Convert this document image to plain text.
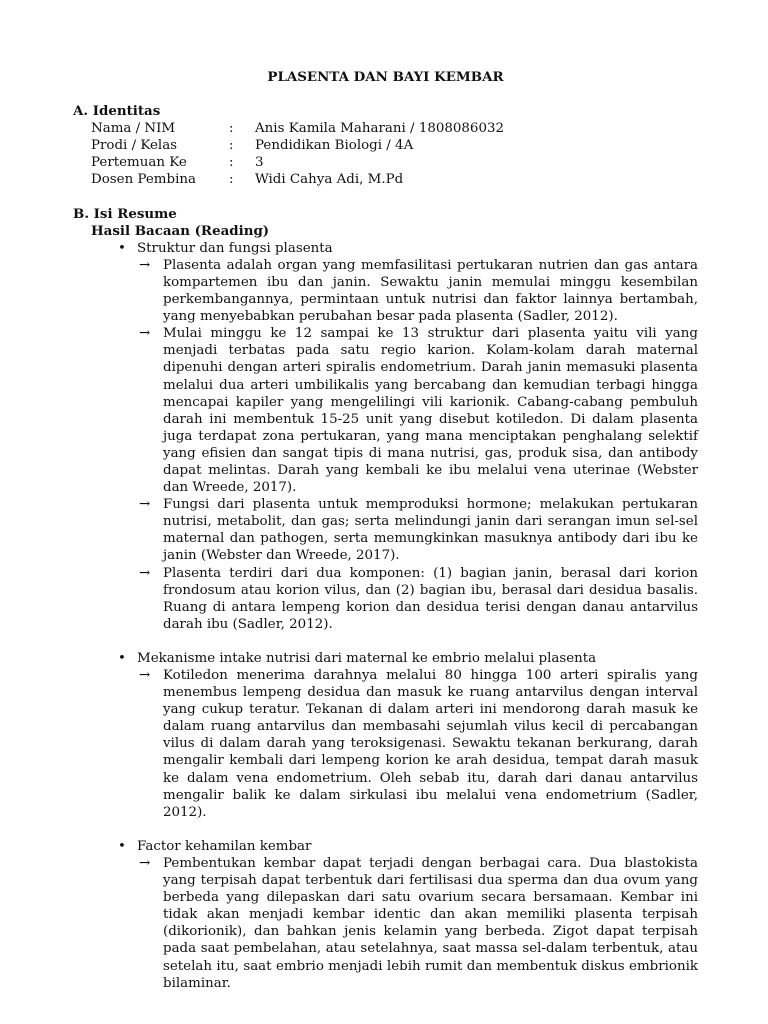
PLASENTA DAN BAYI KEMBAR
A. Identitas
Nama / NIM	:	Anis Kamila Maharani / 1808086032
Prodi / Kelas	:	Pendidikan Biologi / 4A
Pertemuan Ke	:	3
Dosen Pembina	:	Widi Cahya Adi, M.Pd
B. Isi Resume
Hasil Bacaan (Reading)
• Struktur dan fungsi plasenta
→ Plasenta adalah organ yang memfasilitasi pertukaran nutrien dan gas antara kompartemen ibu dan janin. Sewaktu janin memulai minggu kesembilan perkembangannya, permintaan untuk nutrisi dan faktor lainnya bertambah, yang menyebabkan perubahan besar pada plasenta (Sadler, 2012).
→ Mulai minggu ke 12 sampai ke 13 struktur dari plasenta yaitu vili yang menjadi terbatas pada satu regio karion. Kolam-kolam darah maternal dipenuhi dengan arteri spiralis endometrium. Darah janin memasuki plasenta melalui dua arteri umbilikalis yang bercabang dan kemudian terbagi hingga mencapai kapiler yang mengelilingi vili karionik. Cabang-cabang pembuluh darah ini membentuk 15-25 unit yang disebut kotiledon. Di dalam plasenta juga terdapat zona pertukaran, yang mana menciptakan penghalang selektif yang efisien dan sangat tipis di mana nutrisi, gas, produk sisa, dan antibody dapat melintas. Darah yang kembali ke ibu melalui vena uterinae (Webster dan Wreede, 2017).
→ Fungsi dari plasenta untuk memproduksi hormone; melakukan pertukaran nutrisi, metabolit, dan gas; serta melindungi janin dari serangan imun sel-sel maternal dan pathogen, serta memungkinkan masuknya antibody dari ibu ke janin (Webster dan Wreede, 2017).
→ Plasenta terdiri dari dua komponen: (1) bagian janin, berasal dari korion frondosum atau korion vilus, dan (2) bagian ibu, berasal dari desidua basalis. Ruang di antara lempeng korion dan desidua terisi dengan danau antarvilus darah ibu (Sadler, 2012).
• Mekanisme intake nutrisi dari maternal ke embrio melalui plasenta
→ Kotiledon menerima darahnya melalui 80 hingga 100 arteri spiralis yang menembus lempeng desidua dan masuk ke ruang antarvilus dengan interval yang cukup teratur. Tekanan di dalam arteri ini mendorong darah masuk ke dalam ruang antarvilus dan membasahi sejumlah vilus kecil di percabangan vilus di dalam darah yang teroksigenasi. Sewaktu tekanan berkurang, darah mengalir kembali dari lempeng korion ke arah desidua, tempat darah masuk ke dalam vena endometrium. Oleh sebab itu, darah dari danau antarvilus mengalir balik ke dalam sirkulasi ibu melalui vena endometrium (Sadler, 2012).
• Factor kehamilan kembar
→ Pembentukan kembar dapat terjadi dengan berbagai cara. Dua blastokista yang terpisah dapat terbentuk dari fertilisasi dua sperma dan dua ovum yang berbeda yang dilepaskan dari satu ovarium secara bersamaan. Kembar ini tidak akan menjadi kembar identic dan akan memiliki plasenta terpisah (dikorionik), dan bahkan jenis kelamin yang berbeda. Zigot dapat terpisah pada saat pembelahan, atau setelahnya, saat massa sel-dalam terbentuk, atau setelah itu, saat embrio menjadi lebih rumit dan membentuk diskus embrionik bilaminar.
